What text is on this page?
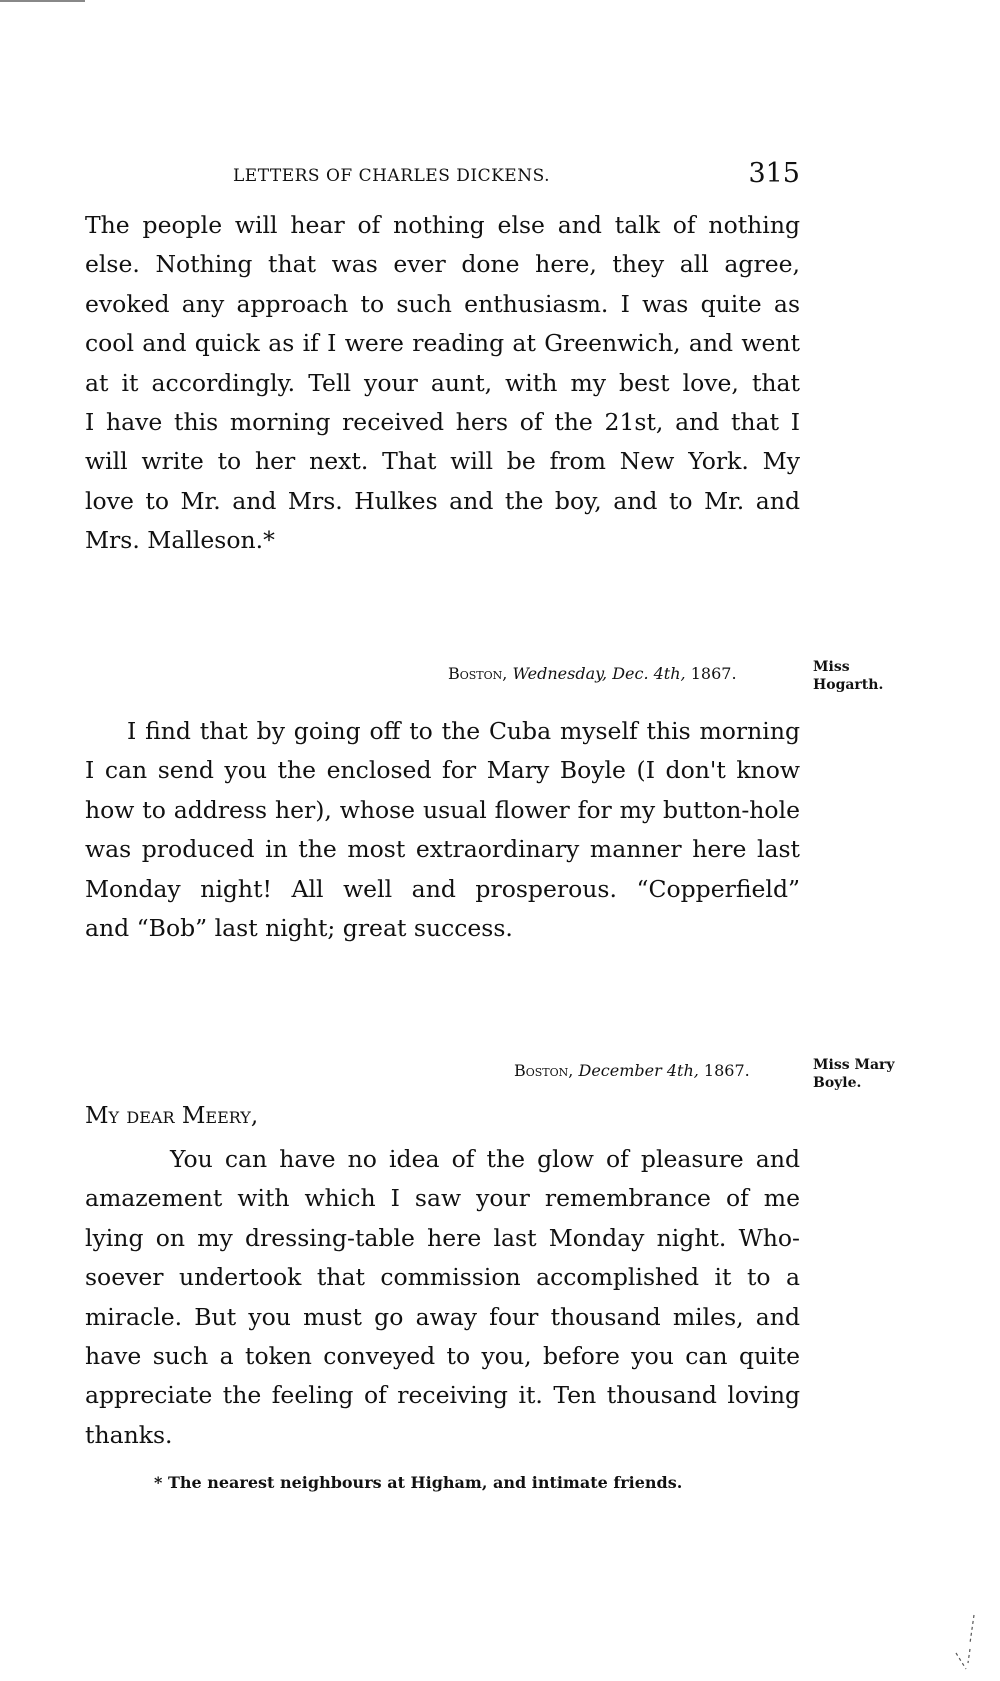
LETTERS OF CHARLES DICKENS.	315

The people will hear of nothing else and talk of nothing

else. Nothing that was ever done here, they all agree,

evoked any approach to such enthusiasm. I was quite as

cool and quick as if I were reading at Greenwich, and went

at it accordingly. Tell your aunt, with my best love, that

I have this morning received hers of the 21st, and that I

will write to her next. That will be from New York. My

love to Mr. and Mrs. Hulkes and the boy, and to Mr. and

Mrs. Malleson.*

Boston, Wednesday, Dec. 4th, 1867.	Miss
Hogarth.

I find that by going off to the Cuba myself this morning

I can send you the enclosed for Mary Boyle (I don't know

how to address her), whose usual flower for my button-hole

was produced in the most extraordinary manner here last

Monday night! All well and prosperous. “Copperfield”

and “Bob” last night; great success.

Boston, December 4th, 1867.	Miss Mary
Boyle.
My dear Meery,

You can have no idea of the glow of pleasure and

amazement with which I saw your remembrance of me

lying on my dressing-table here last Monday night. Who-

soever undertook that commission accomplished it to a

miracle. But you must go away four thousand miles, and

have such a token conveyed to you, before you can quite

appreciate the feeling of receiving it. Ten thousand loving

thanks.

* The nearest neighbours at Higham, and intimate friends.
